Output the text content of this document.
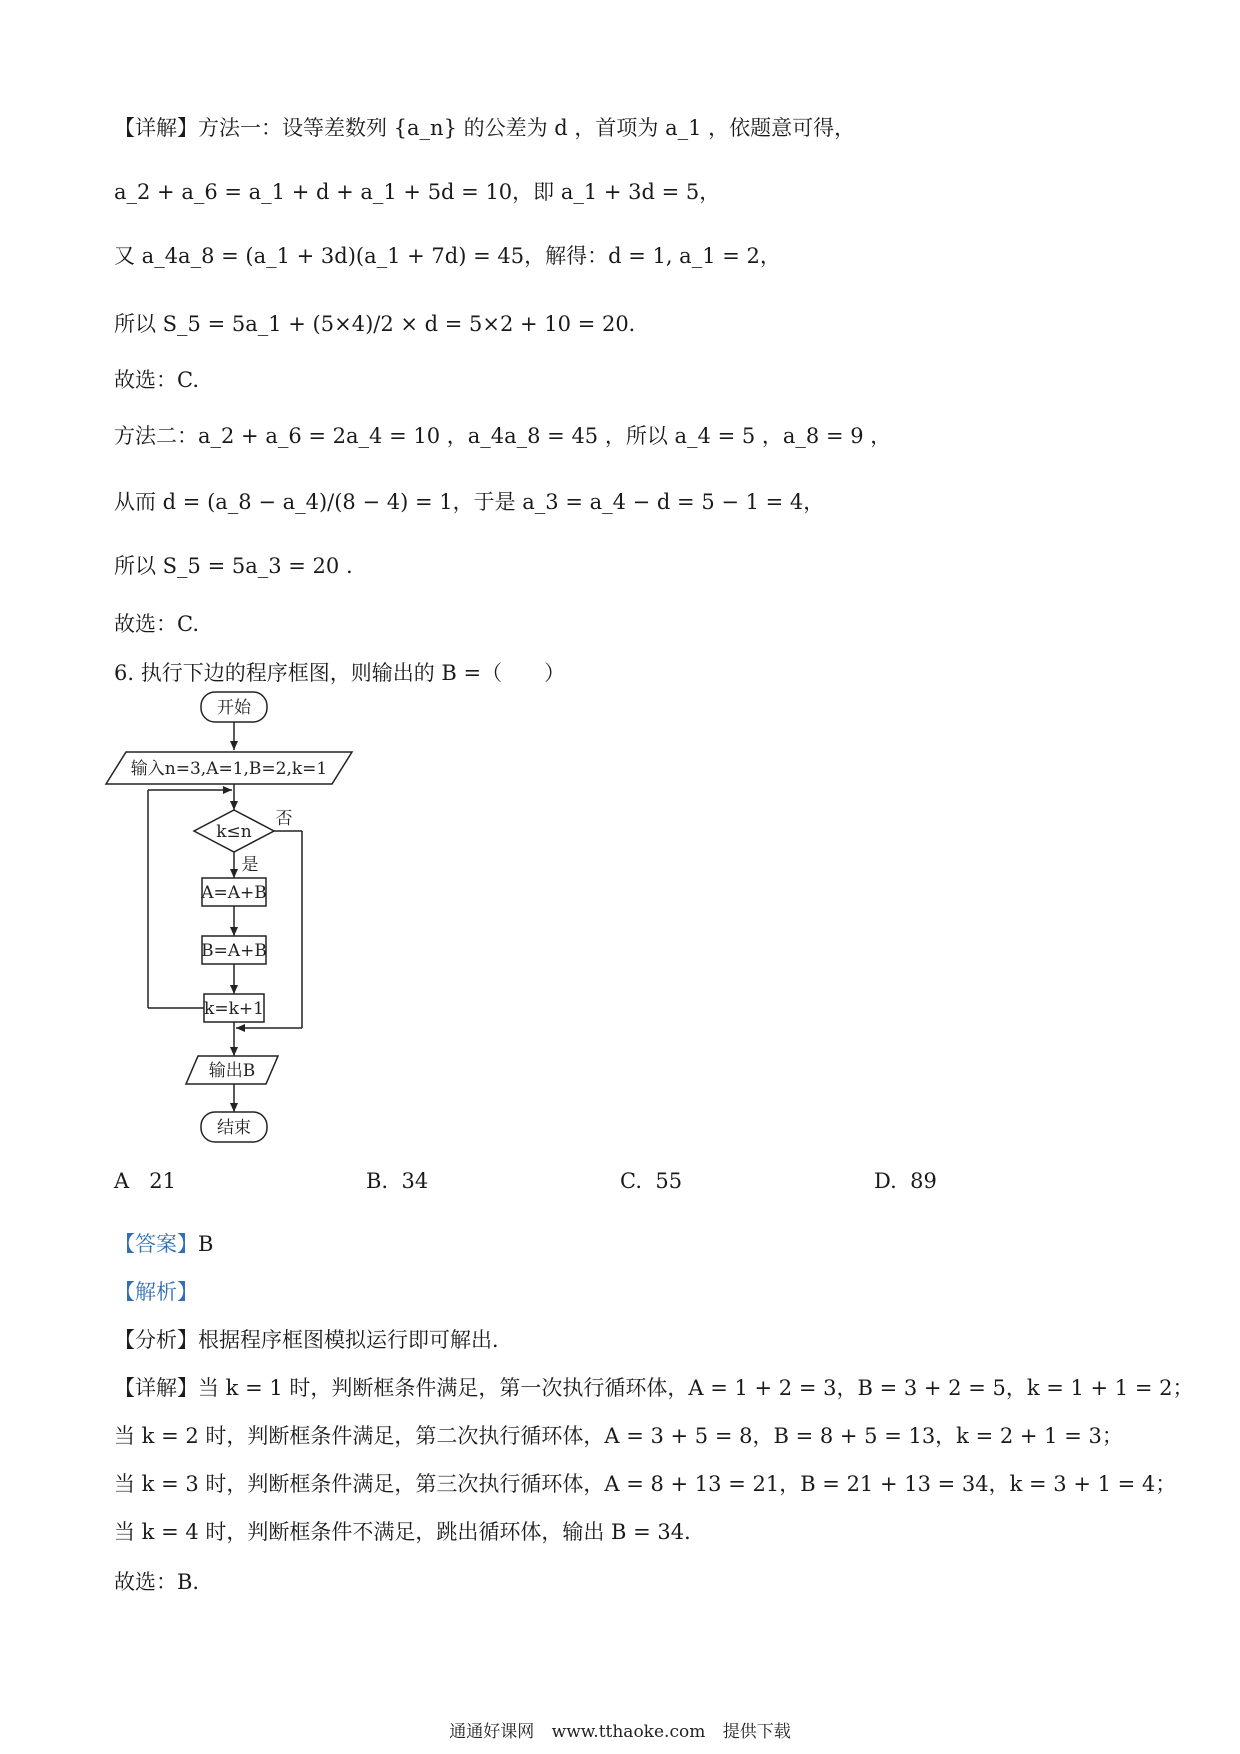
【详解】方法一：设等差数列 {a_n} 的公差为 d ，首项为 a_1 ，依题意可得，
a_2 + a_6 = a_1 + d + a_1 + 5d = 10，即 a_1 + 3d = 5，
又 a_4a_8 = (a_1 + 3d)(a_1 + 7d) = 45，解得：d = 1, a_1 = 2，
所以 S_5 = 5a_1 + (5×4)/2 × d = 5×2 + 10 = 20．
故选：C.
方法二：a_2 + a_6 = 2a_4 = 10 ，a_4a_8 = 45 ，所以 a_4 = 5 ，a_8 = 9 ，
从而 d = (a_8 − a_4)/(8 − 4) = 1，于是 a_3 = a_4 − d = 5 − 1 = 4，
所以 S_5 = 5a_3 = 20 .
故选：C.
6. 执行下边的程序框图，则输出的 B =（　　）
开始
输入n=3,A=1,B=2,k=1
k≤n
否
是
A=A+B
B=A+B
k=k+1
输出B
结束
A 21	B. 34	C. 55	D. 89
【答案】B
【解析】
【分析】根据程序框图模拟运行即可解出．
【详解】当 k = 1 时，判断框条件满足，第一次执行循环体，A = 1 + 2 = 3，B = 3 + 2 = 5，k = 1 + 1 = 2；
当 k = 2 时，判断框条件满足，第二次执行循环体，A = 3 + 5 = 8，B = 8 + 5 = 13，k = 2 + 1 = 3；
当 k = 3 时，判断框条件满足，第三次执行循环体，A = 8 + 13 = 21，B = 21 + 13 = 34，k = 3 + 1 = 4；
当 k = 4 时，判断框条件不满足，跳出循环体，输出 B = 34．
故选：B.
通通好课网 www.tthaoke.com 提供下载
